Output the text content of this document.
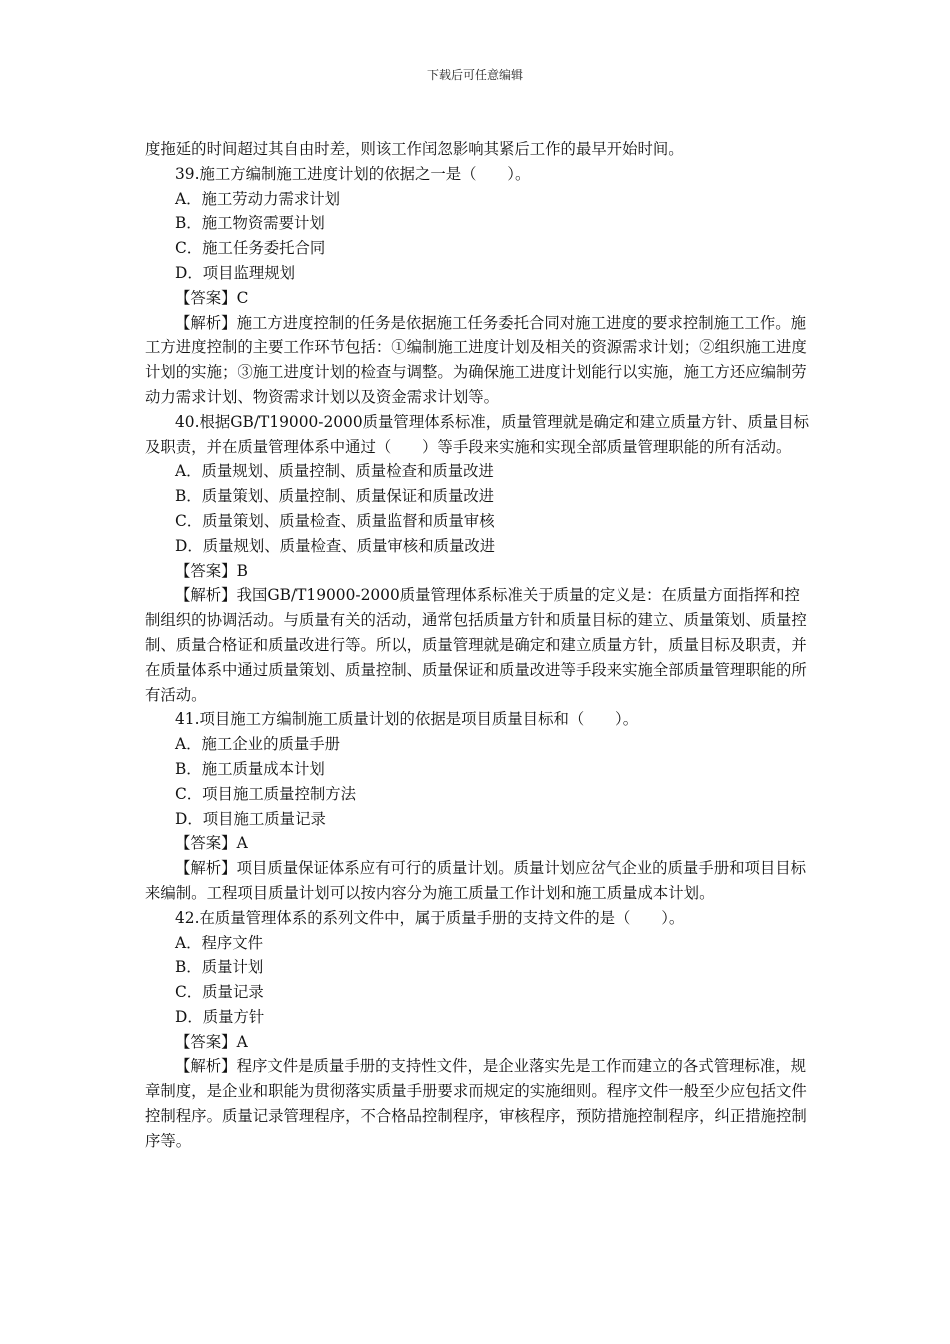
下载后可任意编辑

度拖延的时间超过其自由时差，则该工作闰忽影响其紧后工作的最早开始时间。

39.施工方编制施工进度计划的依据之一是（　　）。

A．施工劳动力需求计划

B．施工物资需要计划

C．施工任务委托合同

D．项目监理规划

【答案】C

【解析】施工方进度控制的任务是依据施工任务委托合同对施工进度的要求控制施工工作。施工方进度控制的主要工作环节包括：①编制施工进度计划及相关的资源需求计划；②组织施工进度计划的实施；③施工进度计划的检查与调整。为确保施工进度计划能行以实施，施工方还应编制劳动力需求计划、物资需求计划以及资金需求计划等。

40.根据GB/T19000-2000质量管理体系标准，质量管理就是确定和建立质量方针、质量目标及职责，并在质量管理体系中通过（　　）等手段来实施和实现全部质量管理职能的所有活动。

A．质量规划、质量控制、质量检查和质量改进

B．质量策划、质量控制、质量保证和质量改进

C．质量策划、质量检查、质量监督和质量审核

D．质量规划、质量检查、质量审核和质量改进

【答案】B

【解析】我国GB/T19000-2000质量管理体系标准关于质量的定义是：在质量方面指挥和控制组织的协调活动。与质量有关的活动，通常包括质量方针和质量目标的建立、质量策划、质量控制、质量合格证和质量改进行等。所以，质量管理就是确定和建立质量方针，质量目标及职责，并在质量体系中通过质量策划、质量控制、质量保证和质量改进等手段来实施全部质量管理职能的所有活动。

41.项目施工方编制施工质量计划的依据是项目质量目标和（　　）。

A．施工企业的质量手册

B．施工质量成本计划

C．项目施工质量控制方法

D．项目施工质量记录

【答案】A

【解析】项目质量保证体系应有可行的质量计划。质量计划应岔气企业的质量手册和项目目标来编制。工程项目质量计划可以按内容分为施工质量工作计划和施工质量成本计划。

42.在质量管理体系的系列文件中，属于质量手册的支持文件的是（　　）。

A．程序文件

B．质量计划

C．质量记录

D．质量方针

【答案】A

【解析】程序文件是质量手册的支持性文件，是企业落实先是工作而建立的各式管理标准，规章制度，是企业和职能为贯彻落实质量手册要求而规定的实施细则。程序文件一般至少应包括文件控制程序。质量记录管理程序，不合格品控制程序，审核程序，预防措施控制程序，纠正措施控制序等。
